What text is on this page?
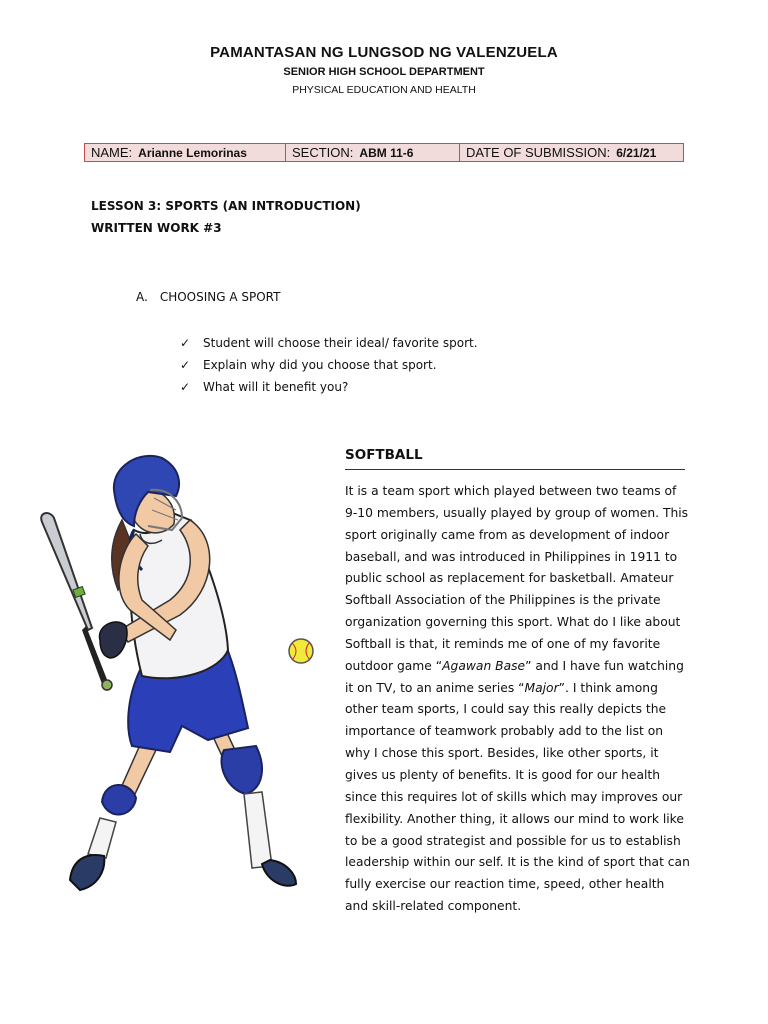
PAMANTASAN NG LUNGSOD NG VALENZUELA
SENIOR HIGH SCHOOL DEPARTMENT
PHYSICAL EDUCATION AND HEALTH
NAME: Arianne Lemorinas	SECTION: ABM 11-6	DATE OF SUBMISSION: 6/21/21
LESSON 3: SPORTS (AN INTRODUCTION)
WRITTEN WORK #3
A. CHOOSING A SPORT
✓	Student will choose their ideal/ favorite sport.
✓	Explain why did you choose that sport.
✓	What will it benefit you?
SOFTBALL

It is a team sport which played between two teams of 9-10 members, usually played by group of women. This sport originally came from as development of indoor baseball, and was introduced in Philippines in 1911 to public school as replacement for basketball. Amateur Softball Association of the Philippines is the private organization governing this sport. What do I like about Softball is that, it reminds me of one of my favorite outdoor game “Agawan Base” and I have fun watching it on TV, to an anime series “Major”. I think among other team sports, I could say this really depicts the importance of teamwork probably add to the list on why I chose this sport. Besides, like other sports, it gives us plenty of benefits. It is good for our health since this requires lot of skills which may improves our flexibility. Another thing, it allows our mind to work like to be a good strategist and possible for us to establish leadership within our self. It is the kind of sport that can fully exercise our reaction time, speed, other health and skill-related component.
